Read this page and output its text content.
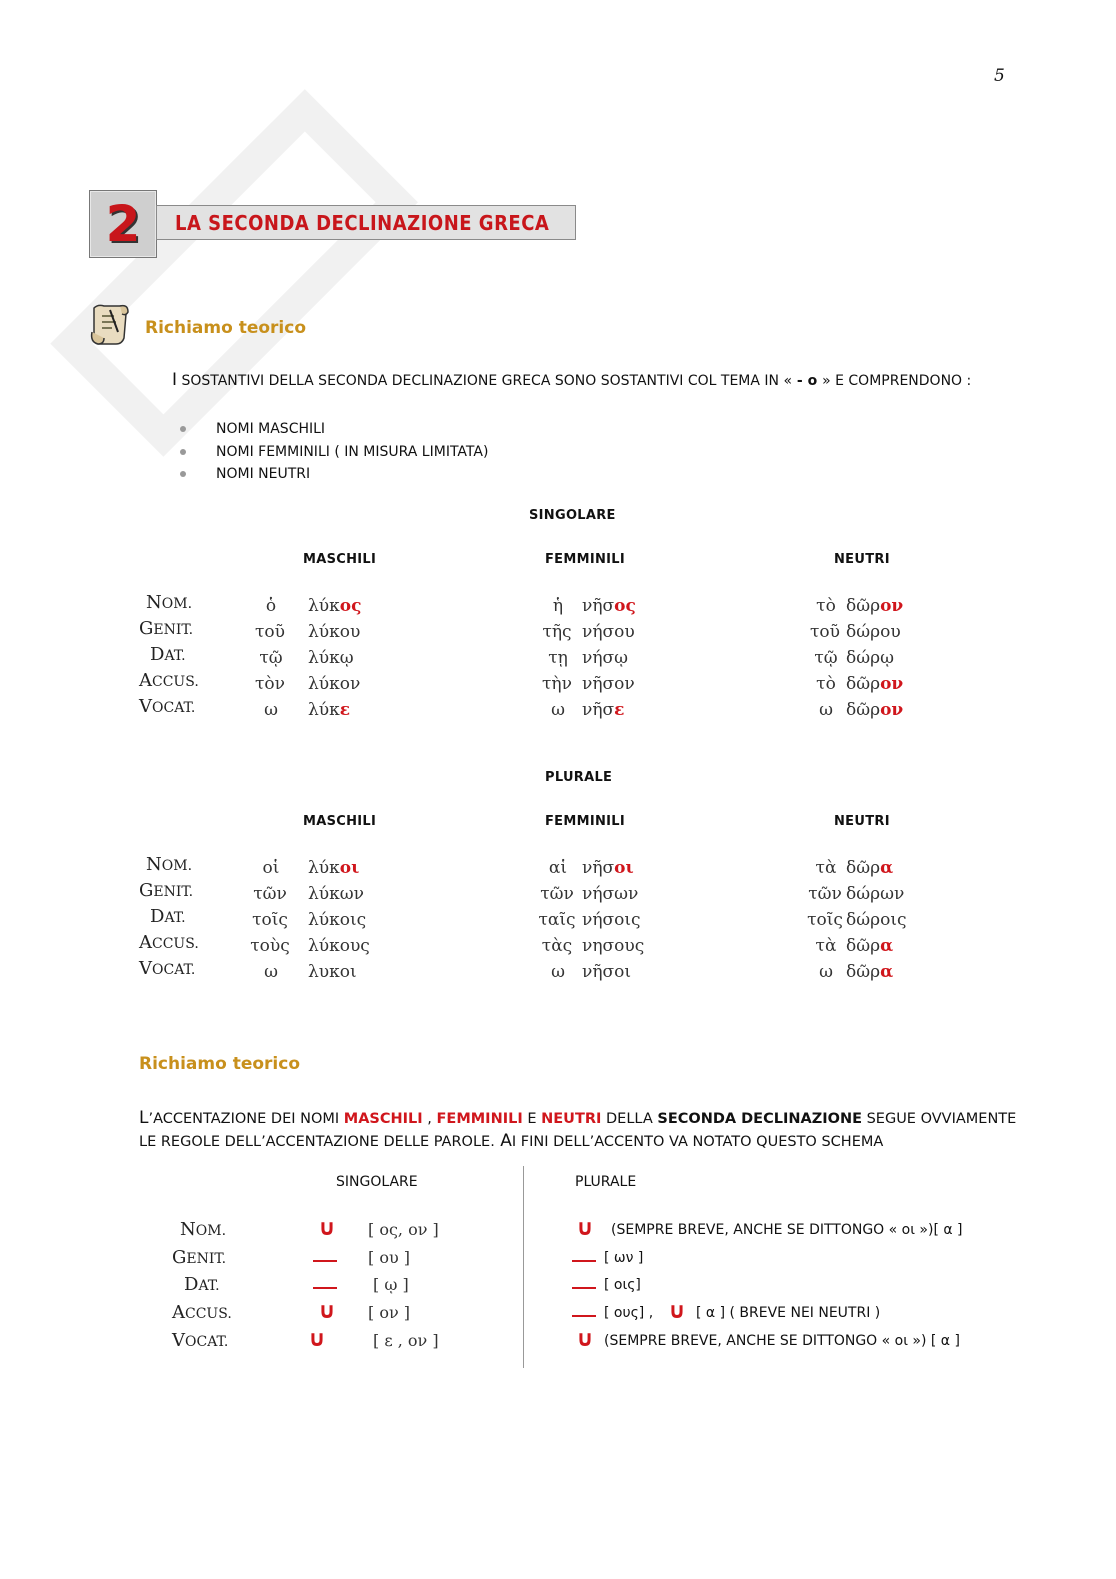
5
2	LA SECONDA DECLINAZIONE GRECA
Richiamo teorico
I SOSTANTIVI DELLA SECONDA DECLINAZIONE GRECA SONO SOSTANTIVI COL TEMA IN « - ο » E COMPRENDONO :
NOMI MASCHILI
NOMI FEMMINILI ( IN MISURA LIMITATA)
NOMI NEUTRI
SINGOLARE
MASCHILI	FEMMINILI	NEUTRI
NOM.	ὁ	λύκος	ἡ	νῆσος	τὸ δῶρον
GENIT.	τοῦ λύκου	τῆς νήσου	τοῦ δώρου
DAT.	τῷ λύκῳ	τῃ νήσῳ	τῷ δώρῳ
ACCUS.	τὸν λύκον	τὴν νῆσον	τὸ δῶρον
VOCAT.	ω	λύκε	ω	νῆσε	ω δῶρον
PLURALE
MASCHILI	FEMMINILI	NEUTRI
NOM.	οἱ λύκοι	αἱ νῆσοι	τὰ δῶρα
GENIT.	τῶν λύκων	τῶν νήσων	τῶν δώρων
DAT.	τοῖς λύκοις	ταῖς νήσοις	τοῖς δώροις
ACCUS.	τοὺς λύκους	τὰς νησους	τὰ δῶρα
VOCAT.	ω	λυκοι	ω	νῆσοι	ω δῶρα
Richiamo teorico
L’ACCENTAZIONE DEI NOMI MASCHILI , FEMMINILI E NEUTRI DELLA SECONDA DECLINAZIONE SEGUE OVVIAMENTE LE REGOLE DELL’ACCENTAZIONE DELLE PAROLE. AI FINI DELL’ACCENTO VA NOTATO QUESTO SCHEMA
SINGOLARE	PLURALE
NOM.	∪ [ ος, ον ]	∪ (SEMPRE BREVE, ANCHE SE DITTONGO « οι »)[ α ]
GENIT.	[ ου ]	[ ων ]
DAT.	[ ῳ ]	[ οις]
ACCUS.	∪ [ ον ]	[ ους] , ∪ [ α ] ( BREVE NEI NEUTRI )
VOCAT.	∪	[ ε , ον ]	∪ (SEMPRE BREVE, ANCHE SE DITTONGO « οι ») [ α ]
